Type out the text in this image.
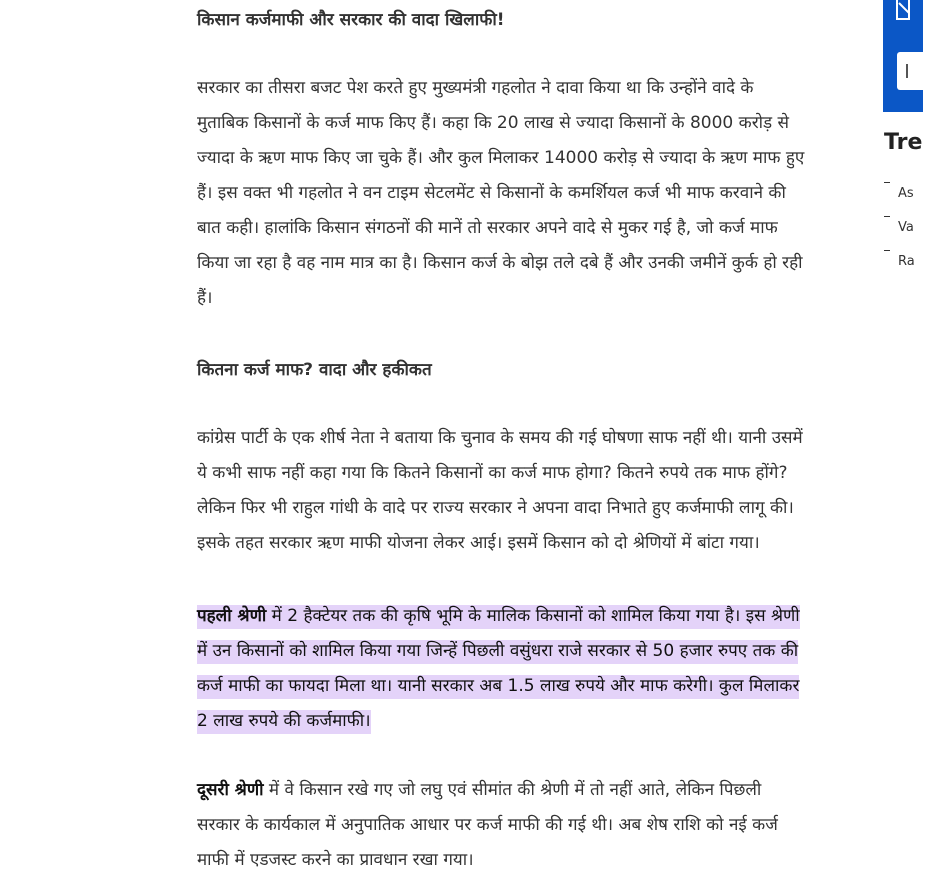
किसान कर्जमाफी और सरकार की वादा खिलाफी!
सरकार का तीसरा बजट पेश करते हुए मुख्यमंत्री गहलोत ने दावा किया था कि उन्होंने वादे के
मुताबिक किसानों के कर्ज माफ किए हैं। कहा कि 20 लाख से ज्यादा किसानों के 8000 करोड़ से
ज्यादा के ऋण माफ किए जा चुके हैं। और कुल मिलाकर 14000 करोड़ से ज्यादा के ऋण माफ हुए
हैं। इस वक्त भी गहलोत ने वन टाइम सेटलमेंट से किसानों के कमर्शियल कर्ज भी माफ करवाने की
बात कही। हालांकि किसान संगठनों की मानें तो सरकार अपने वादे से मुकर गई है, जो कर्ज माफ
किया जा रहा है वह नाम मात्र का है। किसान कर्ज के बोझ तले दबे हैं और उनकी जमीनें कुर्क हो रही
हैं।
कितना कर्ज माफ? वादा और हकीकत
कांग्रेस पार्टी के एक शीर्ष नेता ने बताया कि चुनाव के समय की गई घोषणा साफ नहीं थी। यानी उसमें
ये कभी साफ नहीं कहा गया कि कितने किसानों का कर्ज माफ होगा? कितने रुपये तक माफ होंगे?
लेकिन फिर भी राहुल गांधी के वादे पर राज्य सरकार ने अपना वादा निभाते हुए कर्जमाफी लागू की।
इसके तहत सरकार ऋण माफी योजना लेकर आई। इसमें किसान को दो श्रेणियों में बांटा गया।
पहली श्रेणी में 2 हैक्टेयर तक की कृषि भूमि के मालिक किसानों को शामिल किया गया है। इस श्रेणी
में उन किसानों को शामिल किया गया जिन्हें पिछली वसुंधरा राजे सरकार से 50 हजार रुपए तक की
कर्ज माफी का फायदा मिला था। यानी सरकार अब 1.5 लाख रुपये और माफ करेगी। कुल मिलाकर
2 लाख रुपये की कर्जमाफी।
दूसरी श्रेणी में वे किसान रखे गए जो लघु एवं सीमांत की श्रेणी में तो नहीं आते, लेकिन पिछली
सरकार के कार्यकाल में अनुपातिक आधार पर कर्ज माफी की गई थी। अब शेष राशि को नई कर्ज
माफी में एडजस्ट करने का प्रावधान रखा गया।
Tre
As
Va
Ra
